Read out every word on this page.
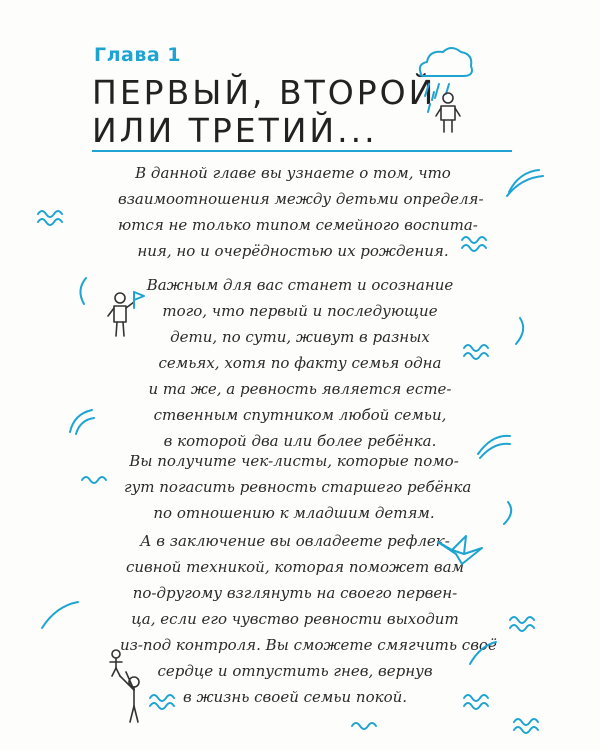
Глава 1
ПЕРВЫЙ, ВТОРОЙ
ИЛИ ТРЕТИЙ...
В данной главе вы узнаете о том, что
взаимоотношения между детьми определя-
ются не только типом семейного воспита-
ния, но и очерёдностью их рождения.
Важным для вас станет и осознание
того, что первый и последующие
дети, по сути, живут в разных
семьях, хотя по факту семья одна
и та же, а ревность является есте-
ственным спутником любой семьи,
в которой два или более ребёнка.
Вы получите чек-листы, которые помо-
гут погасить ревность старшего ребёнка
по отношению к младшим детям.
А в заключение вы овладеете рефлек-
сивной техникой, которая поможет вам
по-другому взглянуть на своего первен-
ца, если его чувство ревности выходит
из-под контроля. Вы сможете смягчить своё
сердце и отпустить гнев, вернув
в жизнь своей семьи покой.
